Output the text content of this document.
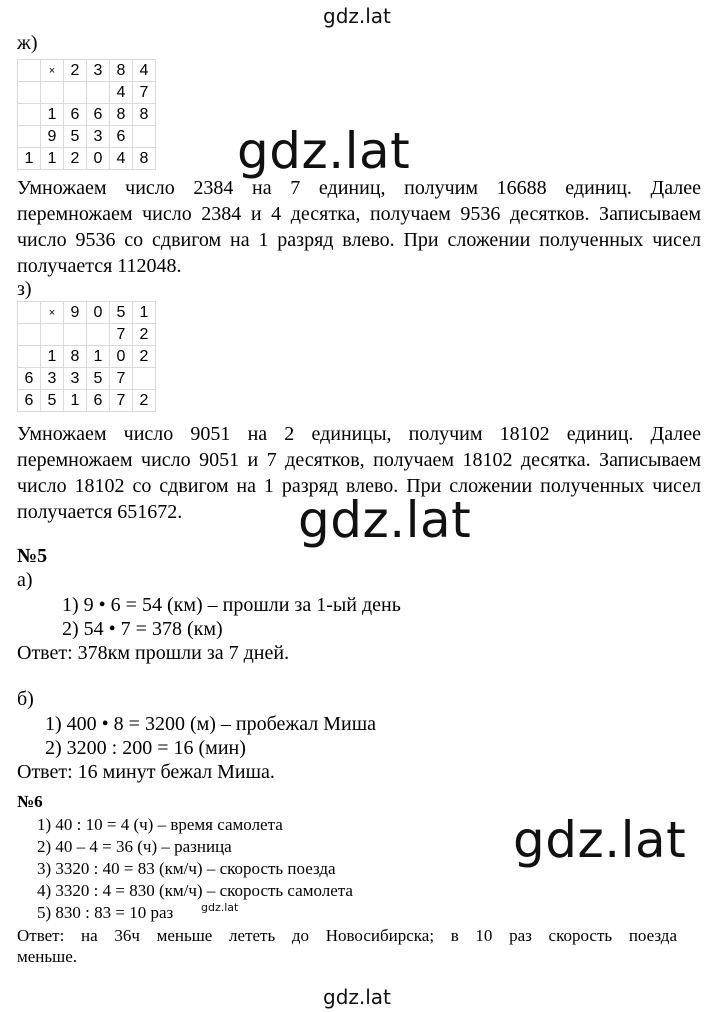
gdz.lat
gdz.lat
gdz.lat
gdz.lat
gdz.lat
ж)
	×	2	3	8	4
				4	7
	1	6	6	8	8
	9	5	3	6	
1	1	2	0	4	8
Умножаем число 2384 на 7 единиц, получим 16688 единиц. Далее
перемножаем число 2384 и 4 десятка, получаем 9536 десятков. Записываем
число 9536 со сдвигом на 1 разряд влево. При сложении полученных чисел
получается 112048.
з)
	×	9	0	5	1
				7	2
	1	8	1	0	2
6	3	3	5	7	
6	5	1	6	7	2
Умножаем число 9051 на 2 единицы, получим 18102 единиц. Далее
перемножаем число 9051 и 7 десятков, получаем 18102 десятка. Записываем
число 18102 со сдвигом на 1 разряд влево. При сложении полученных чисел
получается 651672.
№5
а)
1) 9 • 6 = 54 (км) – прошли за 1-ый день
2) 54 • 7 = 378 (км)
Ответ: 378км прошли за 7 дней.
б)
1) 400 • 8 = 3200 (м) – пробежал Миша
2) 3200 : 200 = 16 (мин)
Ответ: 16 минут бежал Миша.
№6
1) 40 : 10 = 4 (ч) – время самолета
2) 40 – 4 = 36 (ч) – разница
3) 3320 : 40 = 83 (км/ч) – скорость поезда
4) 3320 : 4 = 830 (км/ч) – скорость самолета
5) 830 : 83 = 10 раз	gdz.lat
Ответ: на 36ч меньше лететь до Новосибирска; в 10 раз скорость поезда
меньше.
